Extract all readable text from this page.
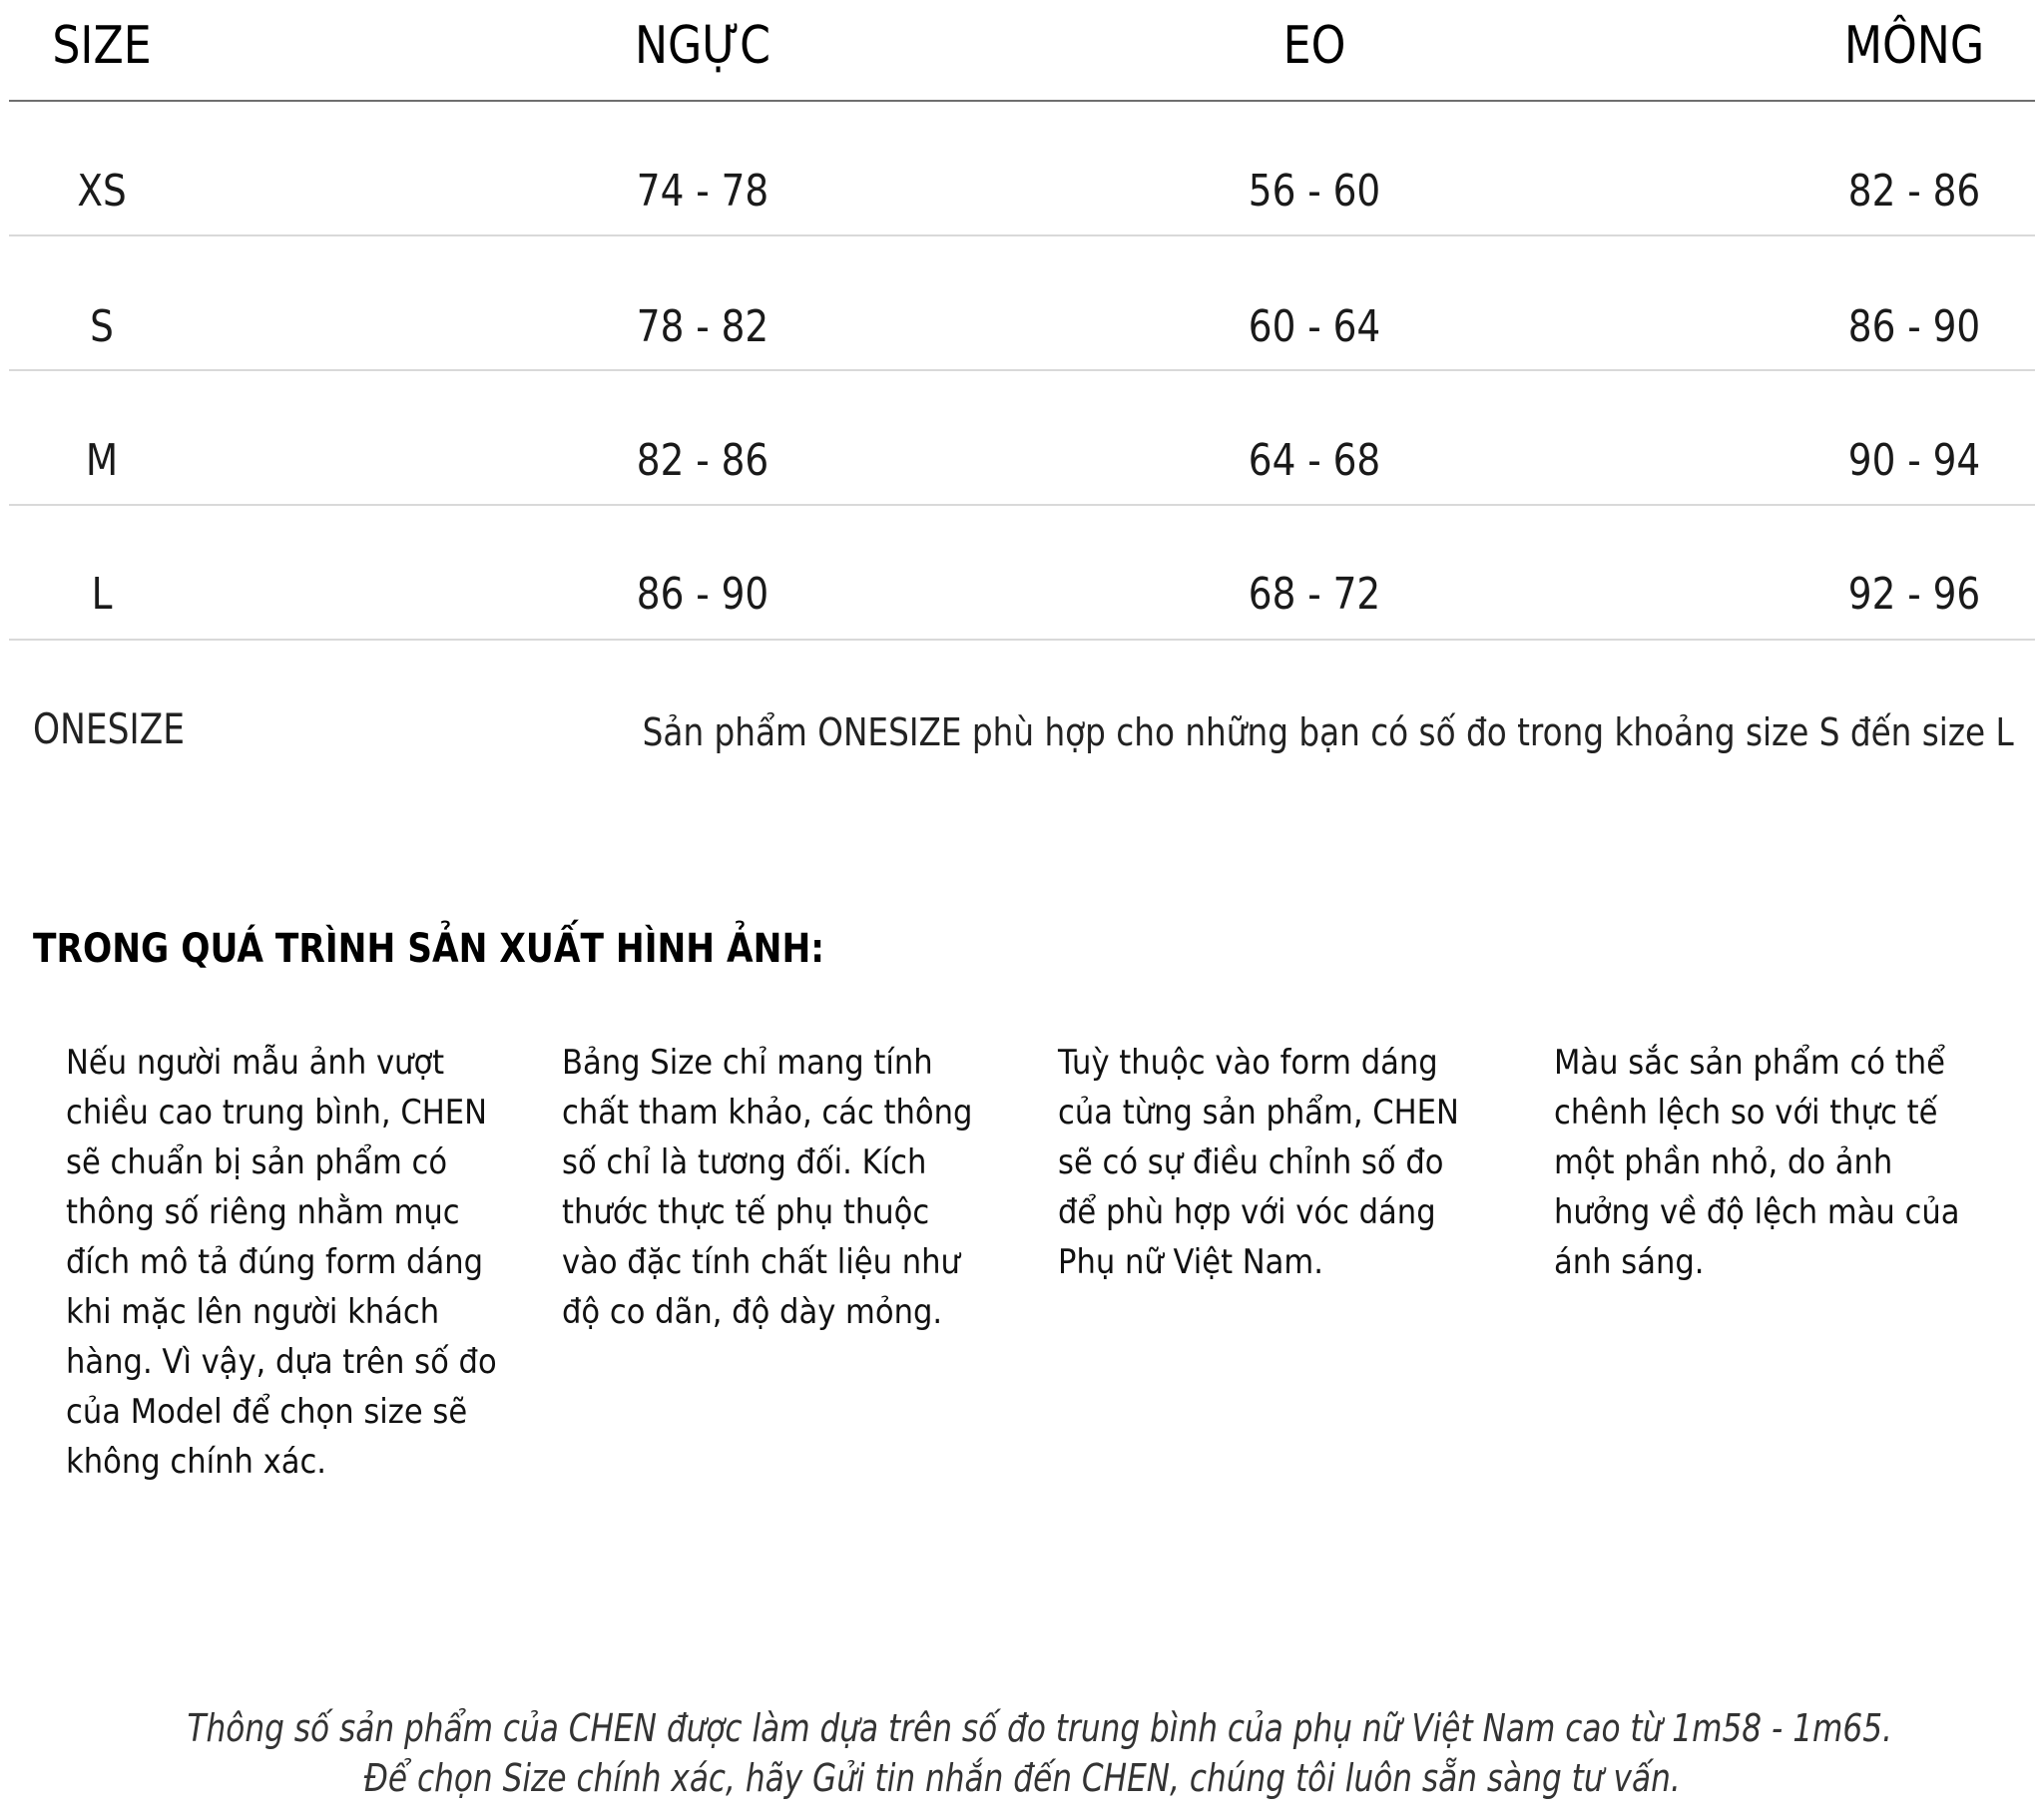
SIZE	NGỰC	EO	MÔNG
XS	74 - 78	56 - 60	82 - 86
S	78 - 82	60 - 64	86 - 90
M	82 - 86	64 - 68	90 - 94
L	86 - 90	68 - 72	92 - 96
ONESIZE	Sản phẩm ONESIZE phù hợp cho những bạn có số đo trong khoảng size S đến size L
TRONG QUÁ TRÌNH SẢN XUẤT HÌNH ẢNH:
Nếu người mẫu ảnh vượt chiều cao trung bình, CHEN sẽ chuẩn bị sản phẩm có thông số riêng nhằm mục đích mô tả đúng form dáng khi mặc lên người khách hàng. Vì vậy, dựa trên số đo của Model để chọn size sẽ không chính xác.
Bảng Size chỉ mang tính chất tham khảo, các thông số chỉ là tương đối. Kích thước thực tế phụ thuộc vào đặc tính chất liệu như độ co dãn, độ dày mỏng.
Tuỳ thuộc vào form dáng của từng sản phẩm, CHEN sẽ có sự điều chỉnh số đo để phù hợp với vóc dáng Phụ nữ Việt Nam.
Màu sắc sản phẩm có thể chênh lệch so với thực tế một phần nhỏ, do ảnh hưởng về độ lệch màu của ánh sáng.
Thông số sản phẩm của CHEN được làm dựa trên số đo trung bình của phụ nữ Việt Nam cao từ 1m58 - 1m65.
Để chọn Size chính xác, hãy Gửi tin nhắn đến CHEN, chúng tôi luôn sẵn sàng tư vấn.
